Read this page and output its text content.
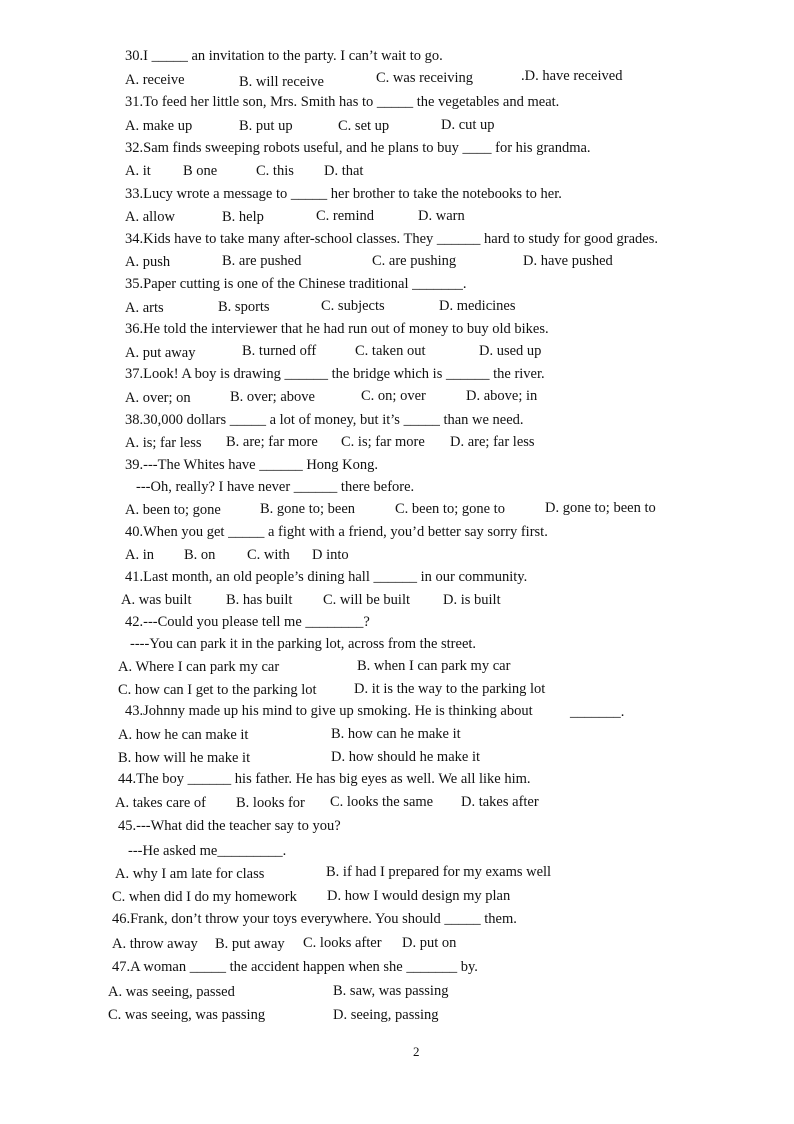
30.I _____ an invitation to the party. I can’t wait to go.
A. receive	B. will receive	C. was receiving	.D. have received
31.To feed her little son, Mrs. Smith has to _____ the vegetables and meat.
A. make up	B. put up	C. set up	D. cut up
32.Sam finds sweeping robots useful, and he plans to buy ____ for his grandma.
A. it B one	C. this D. that
33.Lucy wrote a message to _____ her brother to take the notebooks to her.
A. allow	B. help	C. remind	D. warn
34.Kids have to take many after-school classes. They ______ hard to study for good grades.
A. push	B. are pushed	C. are pushing	D. have pushed
35.Paper cutting is one of the Chinese traditional _______.
A. arts	B. sports	C. subjects	D. medicines
36.He told the interviewer that he had run out of money to buy old bikes.
A. put away	B. turned off	C. taken out	D. used up
37.Look! A boy is drawing ______ the bridge which is ______ the river.
A. over; on	B. over; above	C. on; over	D. above; in
38.30,000 dollars _____ a lot of money, but it’s _____ than we need.
A. is; far less B. are; far more C. is; far more D. are; far less
39.---The Whites have ______ Hong Kong.
---Oh, really? I have never ______ there before.
A. been to; gone	B. gone to; been	C. been to; gone to	D. gone to; been to
40.When you get _____ a fight with a friend, you’d better say sorry first.
A. in B. on C. with D into
41.Last month, an old people’s dining hall ______ in our community.
A. was built B. has built C. will be built D. is built
42.---Could you please tell me ________?
----You can park it in the parking lot, across from the street.
A. Where I can park my car	B. when I can park my car
C. how can I get to the parking lot	D. it is the way to the parking lot
43.Johnny made up his mind to give up smoking. He is thinking about	_______.
A. how he can make it	B. how can he make it
B. how will he make it	D. how should he make it
44.The boy ______ his father. He has big eyes as well. We all like him.
A. takes care of B. looks for C. looks the same D. takes after
45.---What did the teacher say to you?
---He asked me_________.
A. why I am late for class	B. if had I prepared for my exams well
C. when did I do my homework D. how I would design my plan
46.Frank, don’t throw your toys everywhere. You should _____ them.
A. throw away B. put away C. looks after D. put on
47.A woman _____ the accident happen when she _______ by.
A. was seeing, passed	B. saw, was passing
C. was seeing, was passing	D. seeing, passing
2
